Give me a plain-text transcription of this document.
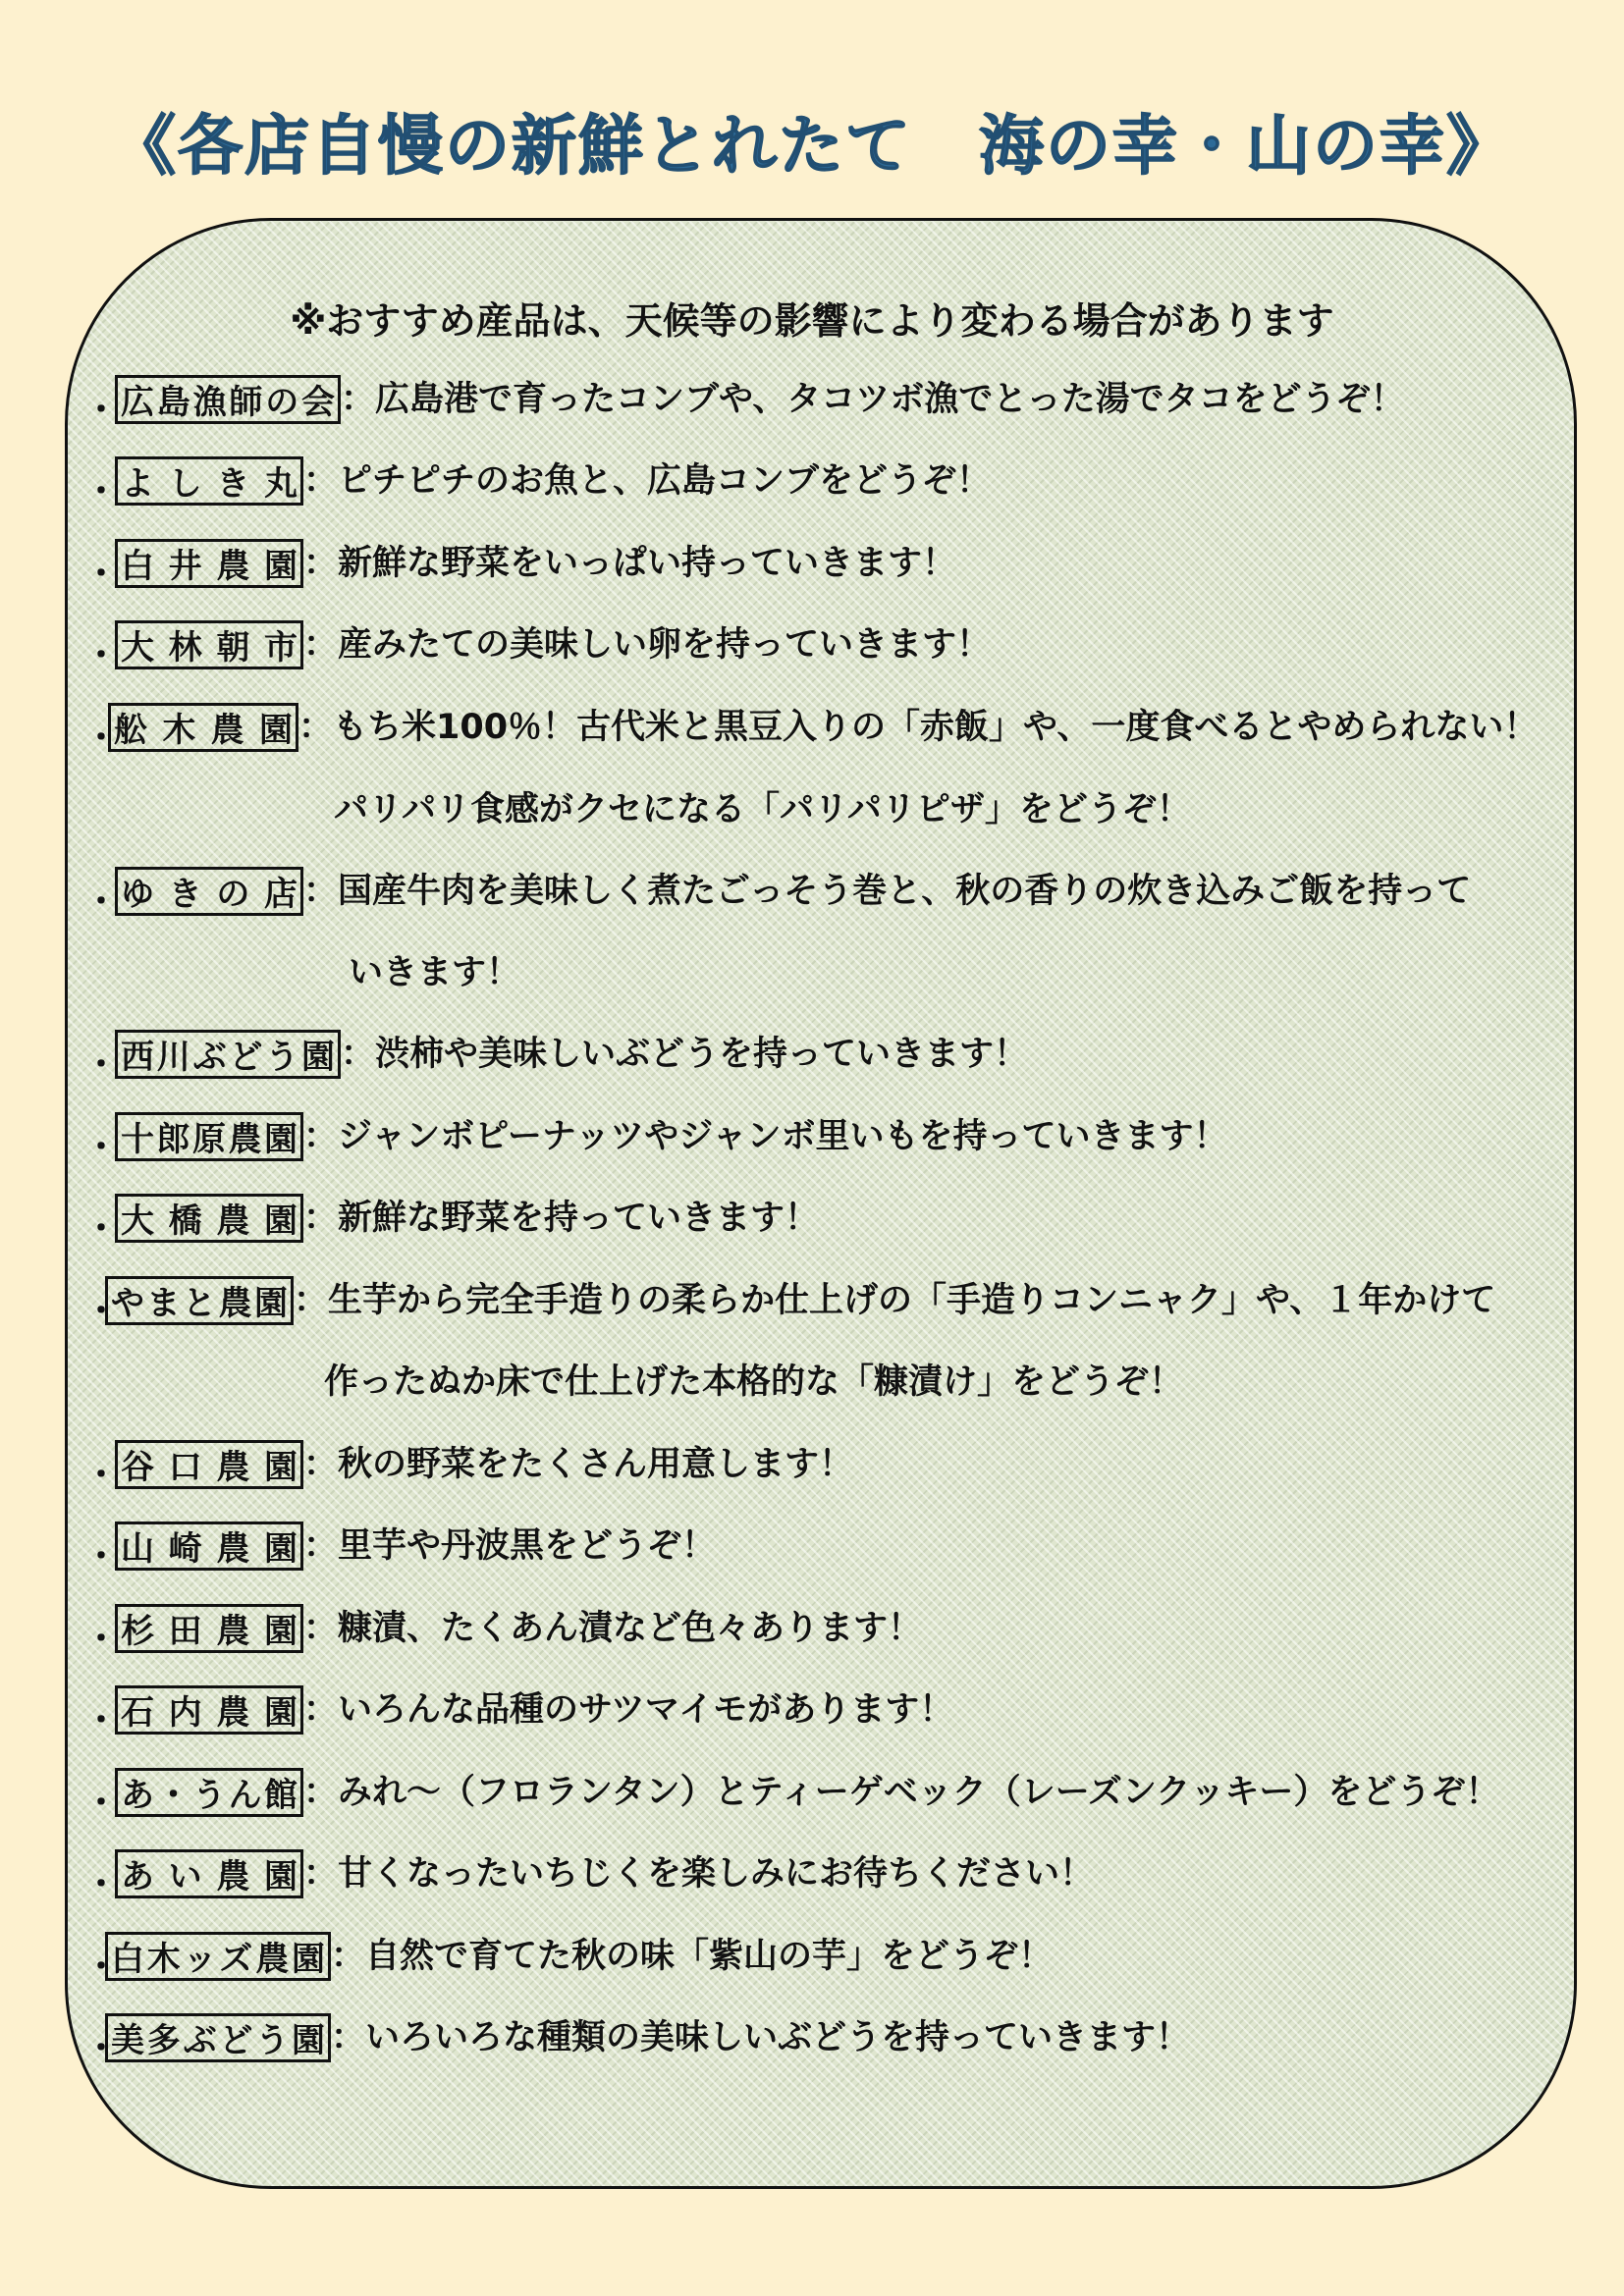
《各店自慢の新鮮とれたて　海の幸・山の幸》
※おすすめ産品は、天候等の影響により変わる場合があります
・ 広島漁師の会 ：広島港で育ったコンブや、タコツボ漁でとった湯でタコをどうぞ！
・ よしき丸 ：ピチピチのお魚と、広島コンブをどうぞ！
・ 白井農園 ：新鮮な野菜をいっぱい持っていきます！
・ 大林朝市 ：産みたての美味しい卵を持っていきます！
・
舩木農園 ：もち米100％！古代米と黒豆入りの「赤飯」や、一度食べるとやめられない！
パリパリ食感がクセになる「パリパリピザ」をどうぞ！
・ ゆきの店 ：国産牛肉を美味しく煮たごっそう巻と、秋の香りの炊き込みご飯を持って
いきます！
・ 西川ぶどう園 ：渋柿や美味しいぶどうを持っていきます！
・ 十郎原農園 ：ジャンボピーナッツやジャンボ里いもを持っていきます！
・ 大橋農園 ：新鮮な野菜を持っていきます！
・
やまと農園 ：生芋から完全手造りの柔らか仕上げの「手造りコンニャク」や、１年かけて
作ったぬか床で仕上げた本格的な「糠漬け」をどうぞ！
・ 谷口農園 ：秋の野菜をたくさん用意します！
・ 山崎農園 ：里芋や丹波黒をどうぞ！
・ 杉田農園 ：糠漬、たくあん漬など色々あります！
・ 石内農園 ：いろんな品種のサツマイモがあります！
・ あ・うん館 ：みれ～（フロランタン）とティーゲベック（レーズンクッキー）をどうぞ！
・ あい農園 ：甘くなったいちじくを楽しみにお待ちください！
・
白木ッズ農園 ：自然で育てた秋の味「紫山の芋」をどうぞ！
・
美多ぶどう園 ：いろいろな種類の美味しいぶどうを持っていきます！
